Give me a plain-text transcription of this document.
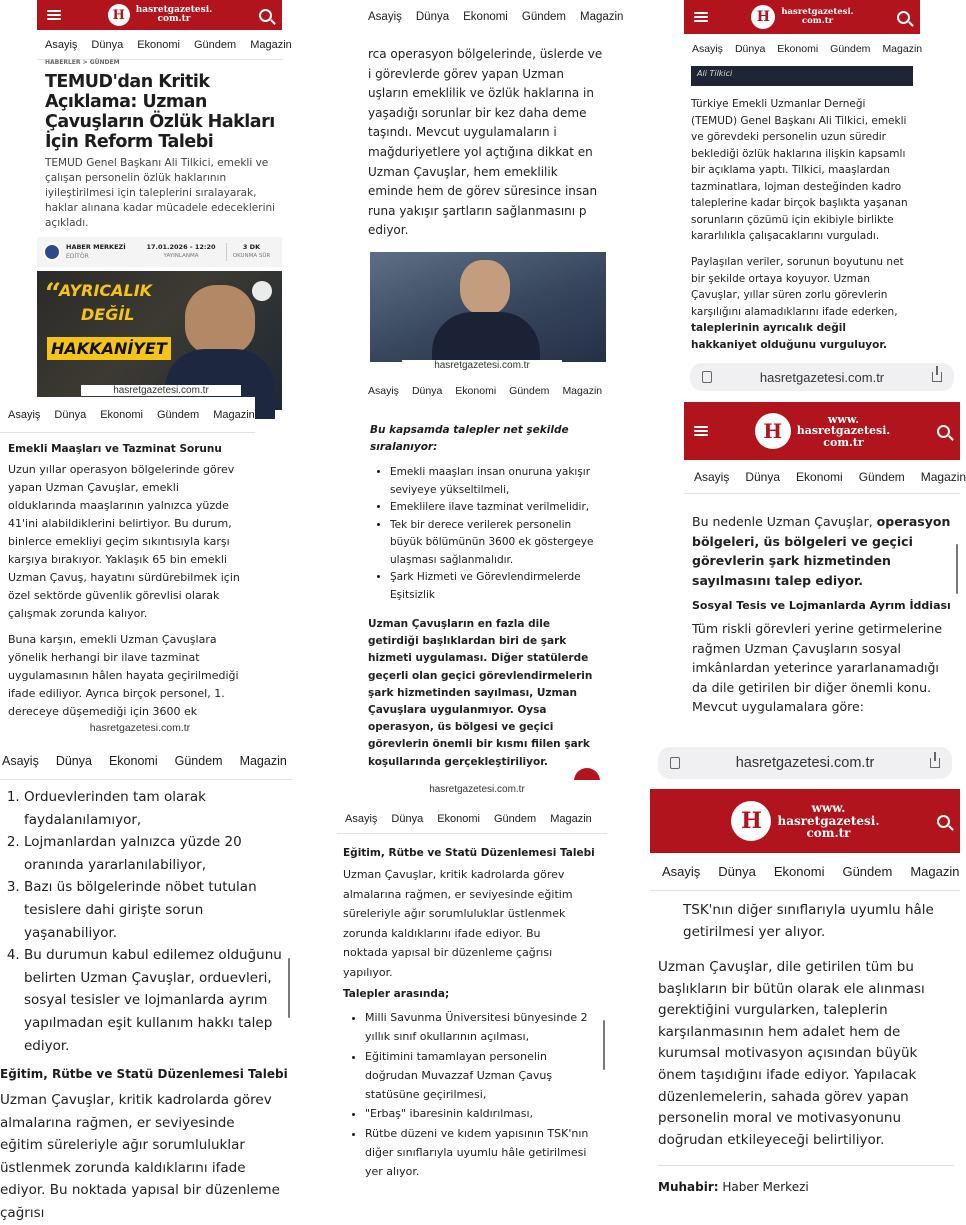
H	hasretgazetesi.
com.tr
Asayiş Dünya Ekonomi Gündem Magazin
HABERLER > GÜNDEM
TEMUD'dan Kritik Açıklama: Uzman Çavuşların Özlük Hakları İçin Reform Talebi

TEMUD Genel Başkanı Ali Tilkici, emekli ve çalışan personelin özlük haklarının iyileştirilmesi için taleplerini sıralayarak, haklar alınana kadar mücadele edeceklerini açıkladı.

HABER MERKEZİ
EDİTÖR
17.01.2026 - 12:20
YAYINLANMA
3 DK
OKUNMA SÜR
“
AYRICALIK
DEĞİL
HAKKANİYET
hasretgazetesi.com.tr
Asayiş Dünya Ekonomi Gündem Magazin
Emekli Maaşları ve Tazminat Sorunu

Uzun yıllar operasyon bölgelerinde görev yapan Uzman Çavuşlar, emekli olduklarında maaşlarının yalnızca yüzde 41'ini alabildiklerini belirtiyor. Bu durum, binlerce emekliyi geçim sıkıntısıyla karşı karşıya bırakıyor. Yaklaşık 65 bin emekli Uzman Çavuş, hayatını sürdürebilmek için özel sektörde güvenlik görevlisi olarak çalışmak zorunda kalıyor.

Buna karşın, emekli Uzman Çavuşlara yönelik herhangi bir ilave tazminat uygulamasının hâlen hayata geçirilmediği ifade ediliyor. Ayrıca birçok personel, 1. dereceye düşemediği için 3600 ek

hasretgazetesi.com.tr
Asayiş Dünya Ekonomi Gündem Magazin
1. Orduevlerinden tam olarak faydalanılamıyor,
2. Lojmanlardan yalnızca yüzde 20 oranında yararlanılabiliyor,
3. Bazı üs bölgelerinde nöbet tutulan tesislere dahi girişte sorun yaşanabiliyor.
4. Bu durumun kabul edilemez olduğunu belirten Uzman Çavuşlar, orduevleri, sosyal tesisler ve lojmanlarda ayrım yapılmadan eşit kullanım hakkı talep ediyor.
Eğitim, Rütbe ve Statü Düzenlemesi Talebi

Uzman Çavuşlar, kritik kadrolarda görev almalarına rağmen, er seviyesinde eğitim süreleriyle ağır sorumluluklar üstlenmek zorunda kaldıklarını ifade ediyor. Bu noktada yapısal bir düzenleme çağrısı

Asayiş Dünya Ekonomi Gündem Magazin

rca operasyon bölgelerinde, üslerde ve i görevlerde görev yapan Uzman uşların emeklilik ve özlük haklarına in yaşadığı sorunlar bir kez daha deme taşındı. Mevcut uygulamaların i mağduriyetlere yol açtığına dikkat en Uzman Çavuşlar, hem emeklilik eminde hem de görev süresince insan runa yakışır şartların sağlanmasını p ediyor.

hasretgazetesi.com.tr
Asayiş Dünya Ekonomi Gündem Magazin

Bu kapsamda talepler net şekilde sıralanıyor:

• Emekli maaşları insan onuruna yakışır seviyeye yükseltilmeli,
• Emeklilere ilave tazminat verilmelidir,
• Tek bir derece verilerek personelin büyük bölümünün 3600 ek göstergeye ulaşması sağlanmalıdır.
• Şark Hizmeti ve Görevlendirmelerde Eşitsizlik

Uzman Çavuşların en fazla dile getirdiği başlıklardan biri de şark hizmeti uygulaması. Diğer statülerde geçerli olan geçici görevlendirmelerin şark hizmetinden sayılması, Uzman Çavuşlara uygulanmıyor. Oysa operasyon, üs bölgesi ve geçici görevlerin önemli bir kısmı fiilen şark koşullarında gerçekleştiriliyor.

hasretgazetesi.com.tr
Asayiş Dünya Ekonomi Gündem Magazin
Eğitim, Rütbe ve Statü Düzenlemesi Talebi

Uzman Çavuşlar, kritik kadrolarda görev almalarına rağmen, er seviyesinde eğitim süreleriyle ağır sorumluluklar üstlenmek zorunda kaldıklarını ifade ediyor. Bu noktada yapısal bir düzenleme çağrısı yapılıyor.

Talepler arasında;

• Milli Savunma Üniversitesi bünyesinde 2 yıllık sınıf okullarının açılması,
• Eğitimini tamamlayan personelin doğrudan Muvazzaf Uzman Çavuş statüsüne geçirilmesi,
• "Erbaş" ibaresinin kaldırılması,
• Rütbe düzeni ve kıdem yapısının TSK'nın diğer sınıflarıyla uyumlu hâle getirilmesi yer alıyor.
H	hasretgazetesi.
com.tr
Asayiş Dünya Ekonomi Gündem Magazin
Ali Tilkici

Türkiye Emekli Uzmanlar Derneği (TEMUD) Genel Başkanı Ali Tilkici, emekli ve görevdeki personelin uzun süredir beklediği özlük haklarına ilişkin kapsamlı bir açıklama yaptı. Tilkici, maaşlardan tazminatlara, lojman desteğinden kadro taleplerine kadar birçok başlıkta yaşanan sorunların çözümü için ekibiyle birlikte kararlılıkla çalışacaklarını vurguladı.

Paylaşılan veriler, sorunun boyutunu net bir şekilde ortaya koyuyor. Uzman Çavuşlar, yıllar süren zorlu görevlerin karşılığını alamadıklarını ifade ederken, taleplerinin ayrıcalık değil hakkaniyet olduğunu vurguluyor.

hasretgazetesi.com.tr
H	www.
hasretgazetesi.
com.tr
Asayiş Dünya Ekonomi Gündem Magazin

Bu nedenle Uzman Çavuşlar, operasyon bölgeleri, üs bölgeleri ve geçici görevlerin şark hizmetinden sayılmasını talep ediyor.

Sosyal Tesis ve Lojmanlarda Ayrım İddiası

Tüm riskli görevleri yerine getirmelerine rağmen Uzman Çavuşların sosyal imkânlardan yeterince yararlanamadığı da dile getirilen bir diğer önemli konu. Mevcut uygulamalara göre:

hasretgazetesi.com.tr
H	www.
hasretgazetesi.
com.tr
Asayiş Dünya Ekonomi Gündem Magazin

TSK'nın diğer sınıflarıyla uyumlu hâle getirilmesi yer alıyor.

Uzman Çavuşlar, dile getirilen tüm bu başlıkların bir bütün olarak ele alınması gerektiğini vurgularken, taleplerin karşılanmasının hem adalet hem de kurumsal motivasyon açısından büyük önem taşıdığını ifade ediyor. Yapılacak düzenlemelerin, sahada görev yapan personelin moral ve motivasyonunu doğrudan etkileyeceği belirtiliyor.

Muhabir: Haber Merkezi
